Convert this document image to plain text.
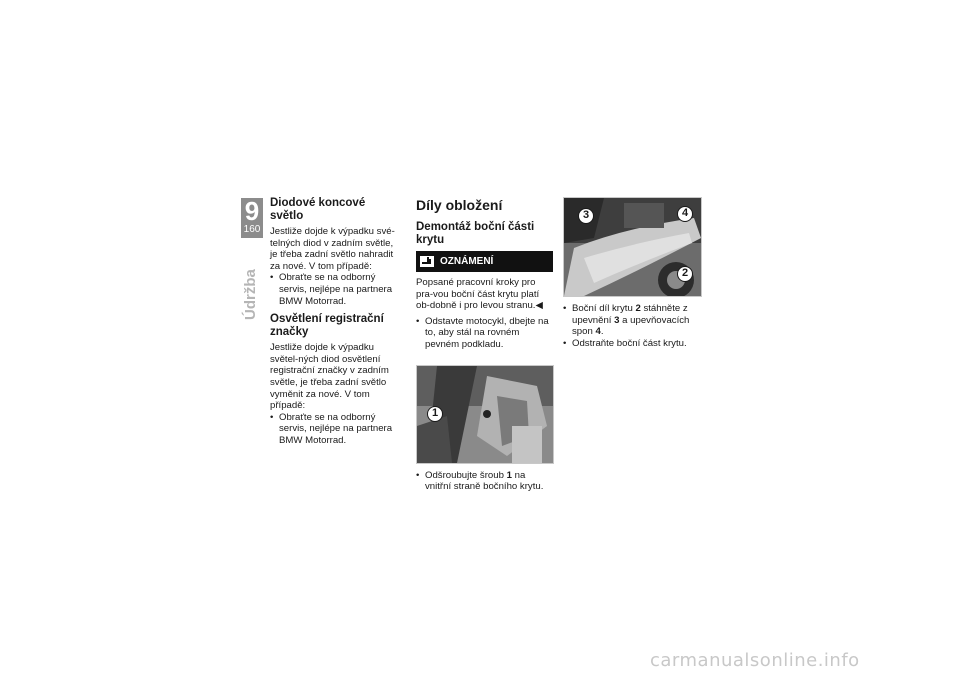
9
160
Údržba
Diodové koncové světlo

Jestliže dojde k výpadku své-telných diod v zadním světle, je třeba zadní světlo nahradit za nové. V tom případě:

• Obraťte se na odborný servis, nejlépe na partnera BMW Motorrad.
Osvětlení registrační značky

Jestliže dojde k výpadku světel-ných diod osvětlení registrační značky v zadním světle, je třeba zadní světlo vyměnit za nové. V tom případě:

• Obraťte se na odborný servis, nejlépe na partnera BMW Motorrad.
Díly obložení
Demontáž boční části krytu
OZNÁMENÍ

Popsané pracovní kroky pro pra-vou boční část krytu platí ob-dobně i pro levou stranu.◀

• Odstavte motocykl, dbejte na to, aby stál na rovném pevném podkladu.
1
• Odšroubujte šroub 1 na vnitřní straně bočního krytu.
3	4
2
• Boční díl krytu 2 stáhněte z upevnění 3 a upevňovacích spon 4.
• Odstraňte boční část krytu.
carmanualsonline.info
